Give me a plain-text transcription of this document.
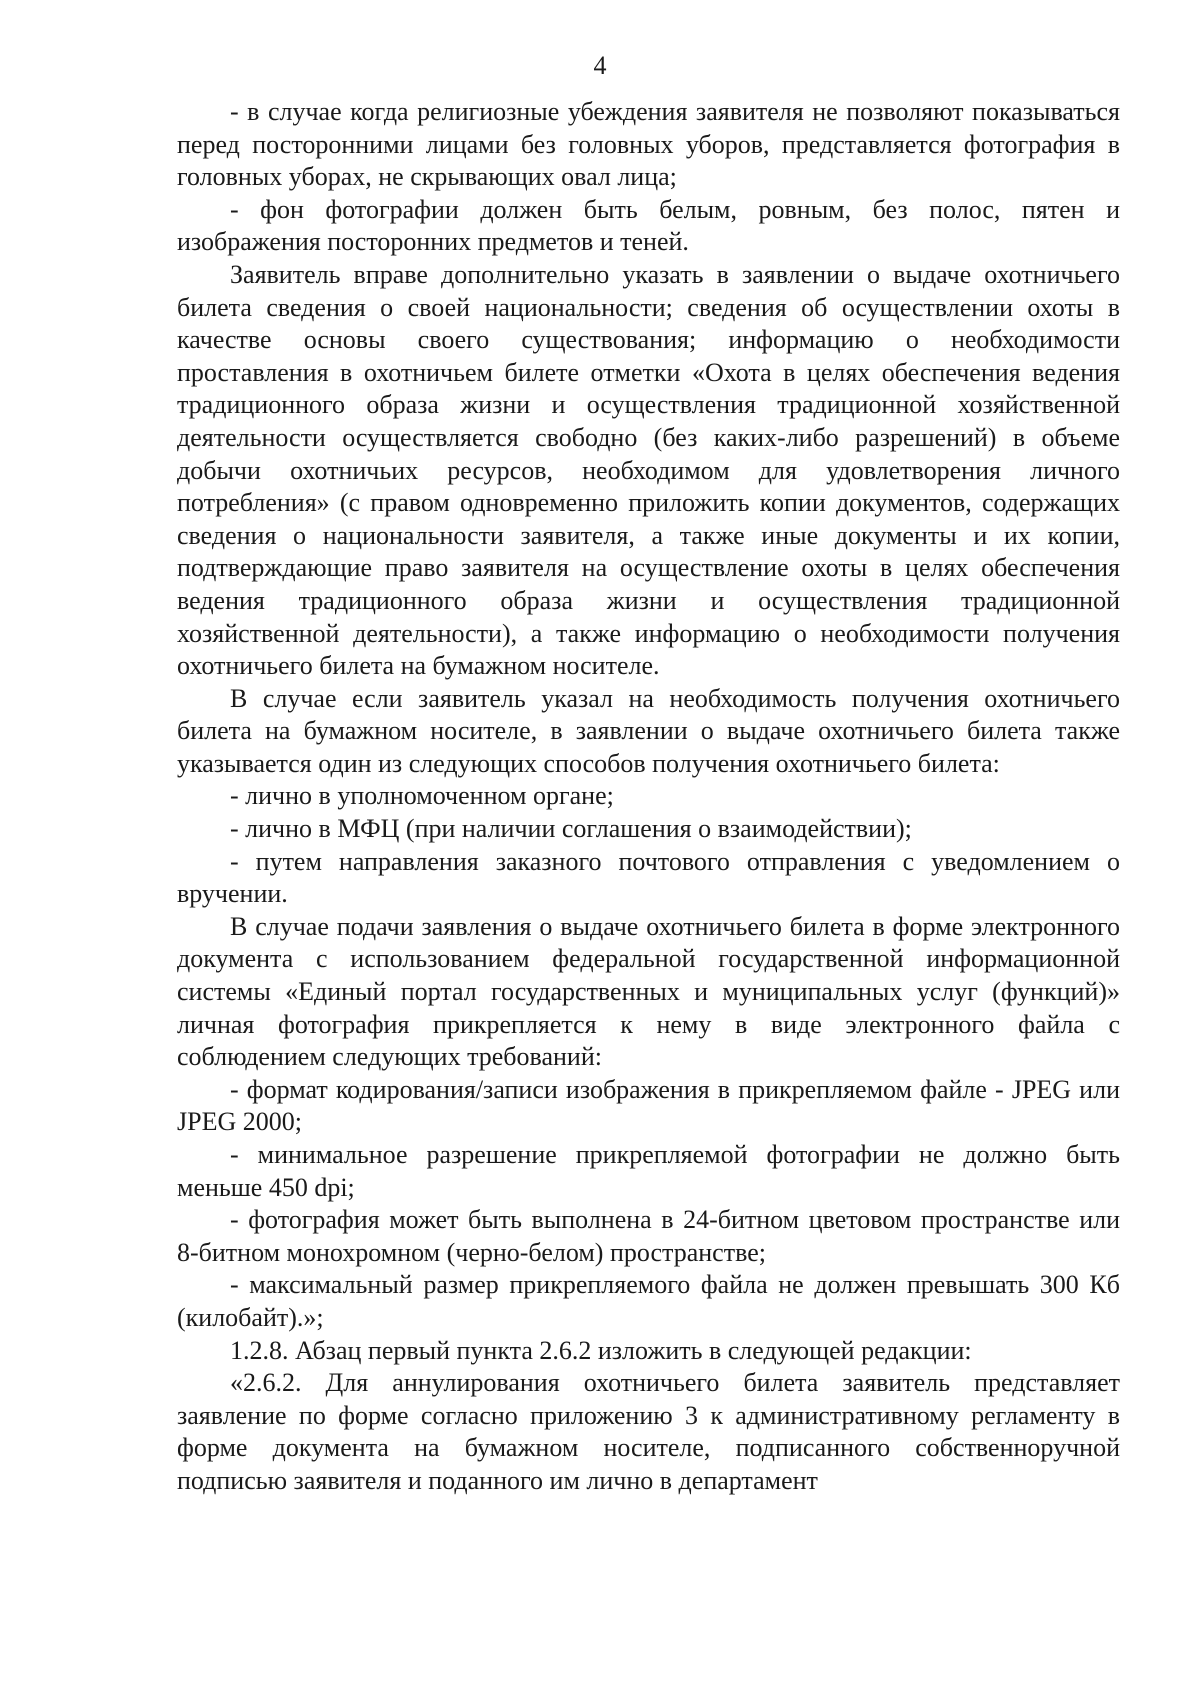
4

- в случае когда религиозные убеждения заявителя не позволяют показываться перед посторонними лицами без головных уборов, представляется фотография в головных уборах, не скрывающих овал лица;

- фон фотографии должен быть белым, ровным, без полос, пятен и изображения посторонних предметов и теней.

Заявитель вправе дополнительно указать в заявлении о выдаче охотничьего билета сведения о своей национальности; сведения об осуществлении охоты в качестве основы своего существования; информацию о необходимости проставления в охотничьем билете отметки «Охота в целях обеспечения ведения традиционного образа жизни и осуществления традиционной хозяйственной деятельности осуществляется свободно (без каких-либо разрешений) в объеме добычи охотничьих ресурсов, необходимом для удовлетворения личного потребления» (с правом одновременно приложить копии документов, содержащих сведения о национальности заявителя, а также иные документы и их копии, подтверждающие право заявителя на осуществление охоты в целях обеспечения ведения традиционного образа жизни и осуществления традиционной хозяйственной деятельности), а также информацию о необходимости получения охотничьего билета на бумажном носителе.

В случае если заявитель указал на необходимость получения охотничьего билета на бумажном носителе, в заявлении о выдаче охотничьего билета также указывается один из следующих способов получения охотничьего билета:

- лично в уполномоченном органе;

- лично в МФЦ (при наличии соглашения о взаимодействии);

- путем направления заказного почтового отправления с уведомлением о вручении.

В случае подачи заявления о выдаче охотничьего билета в форме электронного документа с использованием федеральной государственной информационной системы «Единый портал государственных и муниципальных услуг (функций)» личная фотография прикрепляется к нему в виде электронного файла с соблюдением следующих требований:

- формат кодирования/записи изображения в прикрепляемом файле - JPEG или JPEG 2000;

- минимальное разрешение прикрепляемой фотографии не должно быть меньше 450 dpi;

- фотография может быть выполнена в 24-битном цветовом пространстве или 8-битном монохромном (черно-белом) пространстве;

- максимальный размер прикрепляемого файла не должен превышать 300 Кб (килобайт).»;

1.2.8. Абзац первый пункта 2.6.2 изложить в следующей редакции:

«2.6.2. Для аннулирования охотничьего билета заявитель представляет заявление по форме согласно приложению 3 к административному регламенту в форме документа на бумажном носителе, подписанного собственноручной подписью заявителя и поданного им лично в департамент
